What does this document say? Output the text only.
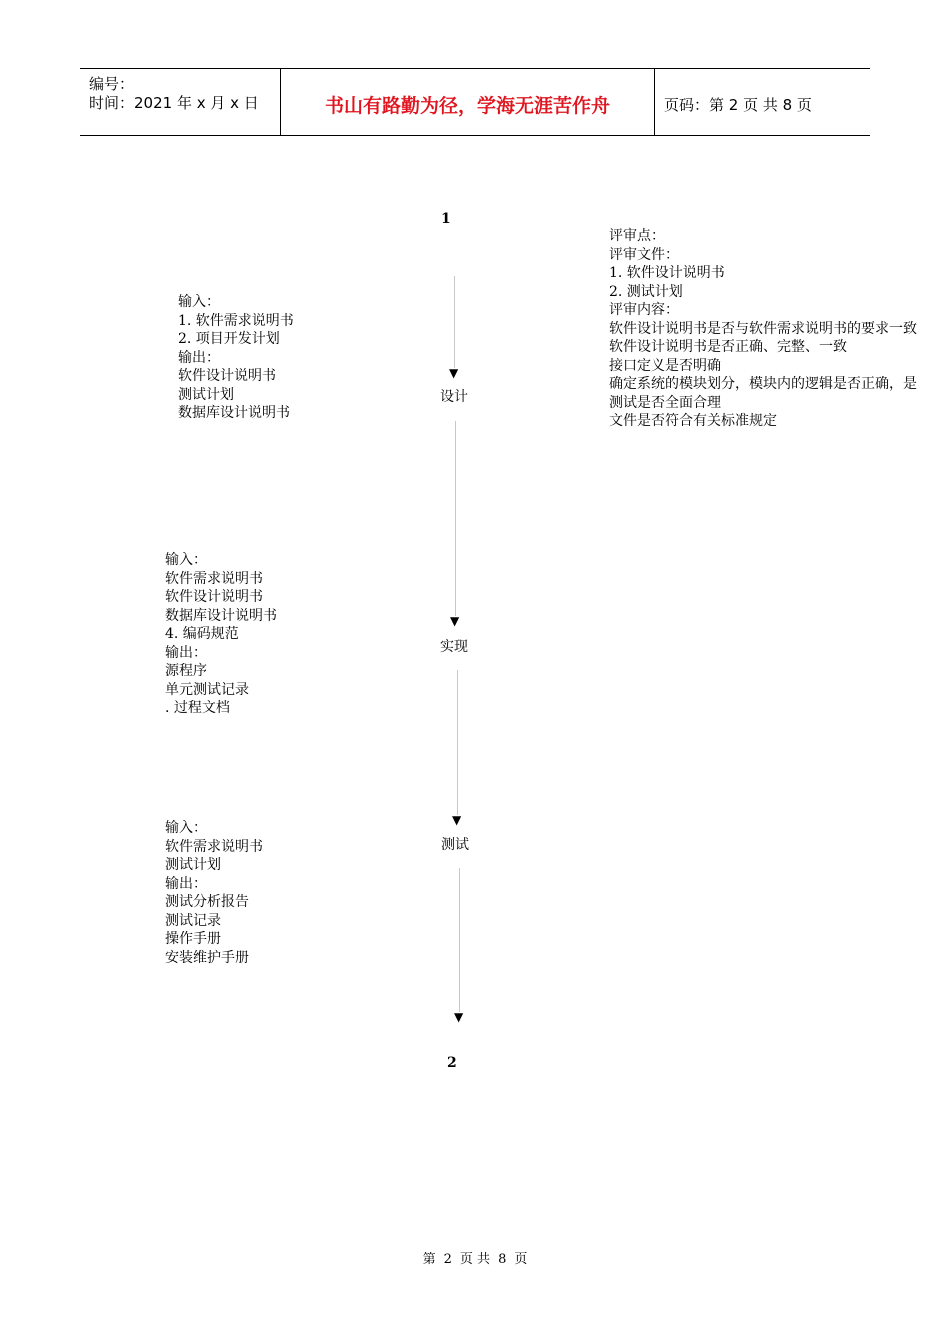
编号：
时间：2021 年 x 月 x 日	书山有路勤为径，学海无涯苦作舟	页码：第 2 页 共 8 页
1
▼
设计
▼
实现
▼
测试
▼
2
输入：
1. 软件需求说明书
2. 项目开发计划
输出：
软件设计说明书
测试计划
数据库设计说明书
评审点：
评审文件：
1. 软件设计说明书
2. 测试计划
评审内容：
软件设计说明书是否与软件需求说明书的要求一致
软件设计说明书是否正确、完整、一致
接口定义是否明确
确定系统的模块划分，模块内的逻辑是否正确，是
测试是否全面合理
文件是否符合有关标准规定
输入：
软件需求说明书
软件设计说明书
数据库设计说明书
4. 编码规范
输出：
源程序
单元测试记录
. 过程文档
输入：
软件需求说明书
测试计划
输出：
测试分析报告
测试记录
操作手册
安装维护手册
第 2 页 共 8 页
